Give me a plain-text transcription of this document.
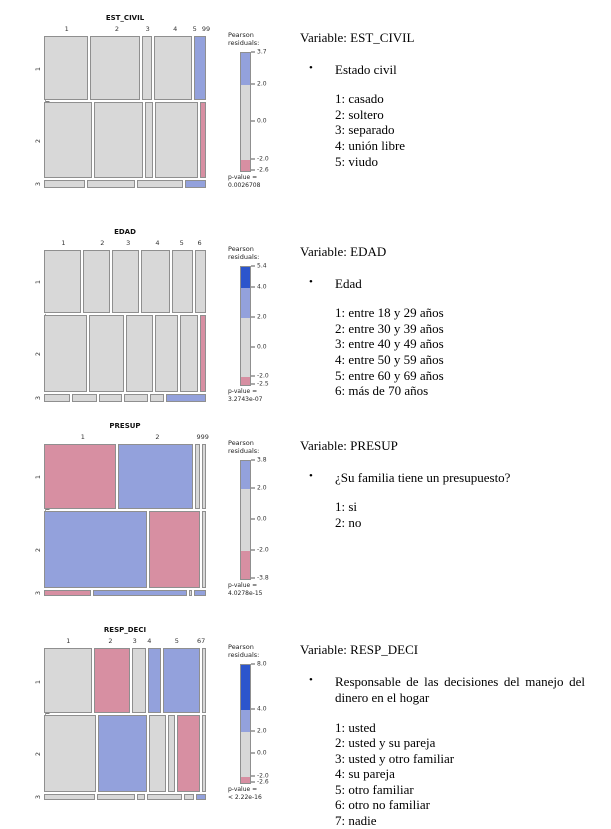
EST_CIVIL
1	2	3	4 5 99
1
2
3
Pearson
residuals:
3.7
2.0
0.0
-2.0
-2.6
p-value =
0.0026708

Variable: EST_CIVIL

•	Estado civil
1: casado
2: soltero
3: separado
4: unión libre
5: viudo
EDAD
1	2	3	4	5 6
1
2
3
Pearson
residuals:
5.4
4.0
2.0
0.0
-2.0
-2.5
p-value =
3.2743e-07

Variable: EDAD

•	Edad
1: entre 18 y 29 años
2: entre 30 y 39 años
3: entre 40 y 49 años
4: entre 50 y 59 años
5: entre 60 y 69 años
6: más de 70 años
PRESUP
1	2	999
1
2
3
Pearson
residuals:
3.8
2.0
0.0
-2.0
-3.8
p-value =
4.0278e-15

Variable: PRESUP

•	¿Su familia tiene un presupuesto?
1: si
2: no
RESP_DECI
1	2	3 4	5	67
1
2
3
Pearson
residuals:
8.0
4.0
2.0
0.0
-2.0
-2.6
p-value =
< 2.22e-16

Variable: RESP_DECI

•	Responsable de las decisiones del manejo del dinero en el hogar
1: usted
2: usted y su pareja
3: usted y otro familiar
4: su pareja
5: otro familiar
6: otro no familiar
7: nadie
